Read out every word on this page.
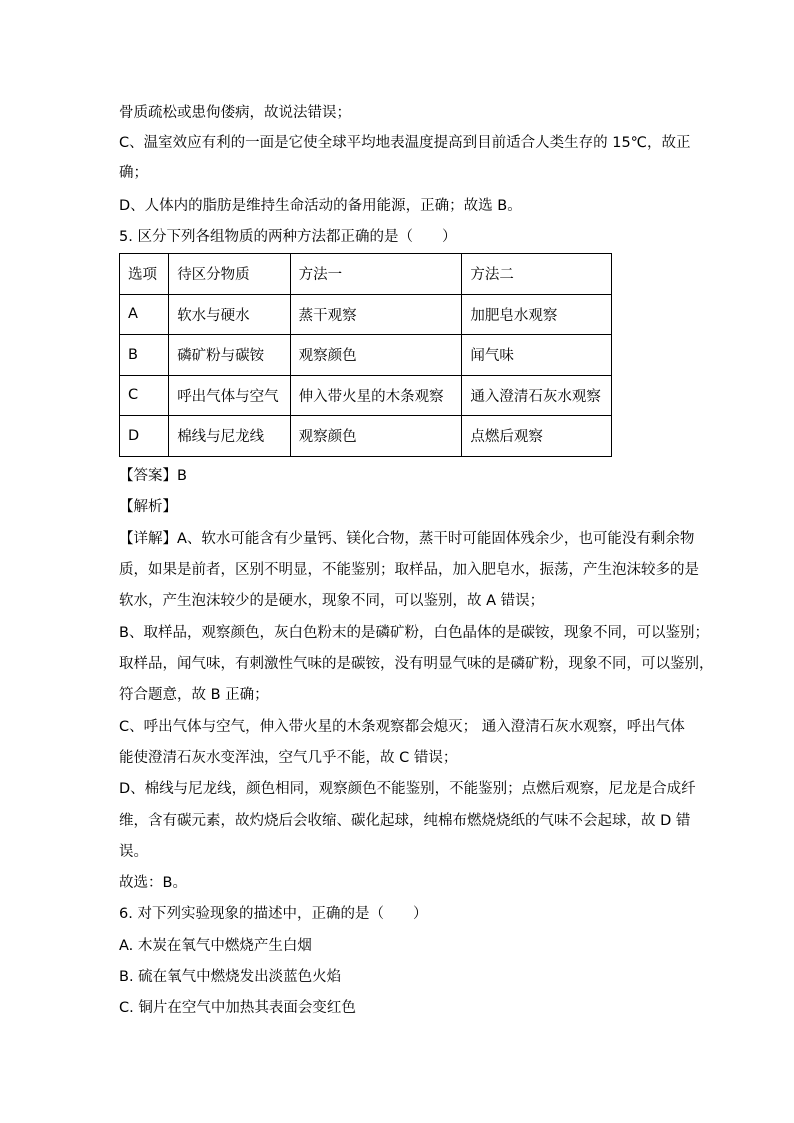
骨质疏松或患佝偻病，故说法错误；
C、温室效应有利的一面是它使全球平均地表温度提高到目前适合人类生存的 15℃，故正
确；
D、人体内的脂肪是维持生命活动的备用能源，正确；故选 B。
5. 区分下列各组物质的两种方法都正确的是（　　）
选项	待区分物质	方法一	方法二
A	软水与硬水	蒸干观察	加肥皂水观察
B	磷矿粉与碳铵	观察颜色	闻气味
C	呼出气体与空气	伸入带火星的木条观察	通入澄清石灰水观察
D	棉线与尼龙线	观察颜色	点燃后观察
【答案】B
【解析】
【详解】A、软水可能含有少量钙、镁化合物，蒸干时可能固体残余少，也可能没有剩余物
质，如果是前者，区别不明显，不能鉴别；取样品，加入肥皂水，振荡，产生泡沫较多的是
软水，产生泡沫较少的是硬水，现象不同，可以鉴别，故 A 错误；
B、取样品，观察颜色，灰白色粉末的是磷矿粉，白色晶体的是碳铵，现象不同，可以鉴别；
取样品，闻气味，有刺激性气味的是碳铵，没有明显气味的是磷矿粉，现象不同，可以鉴别，
符合题意，故 B 正确；
C、呼出气体与空气，伸入带火星的木条观察都会熄灭； 通入澄清石灰水观察，呼出气体
能使澄清石灰水变浑浊，空气几乎不能，故 C 错误；
D、棉线与尼龙线，颜色相同，观察颜色不能鉴别，不能鉴别；点燃后观察，尼龙是合成纤
维，含有碳元素，故灼烧后会收缩、碳化起球，纯棉布燃烧烧纸的气味不会起球，故 D 错
误。
故选：B。
6. 对下列实验现象的描述中，正确的是（　　）
A. 木炭在氧气中燃烧产生白烟
B. 硫在氧气中燃烧发出淡蓝色火焰
C. 铜片在空气中加热其表面会变红色
